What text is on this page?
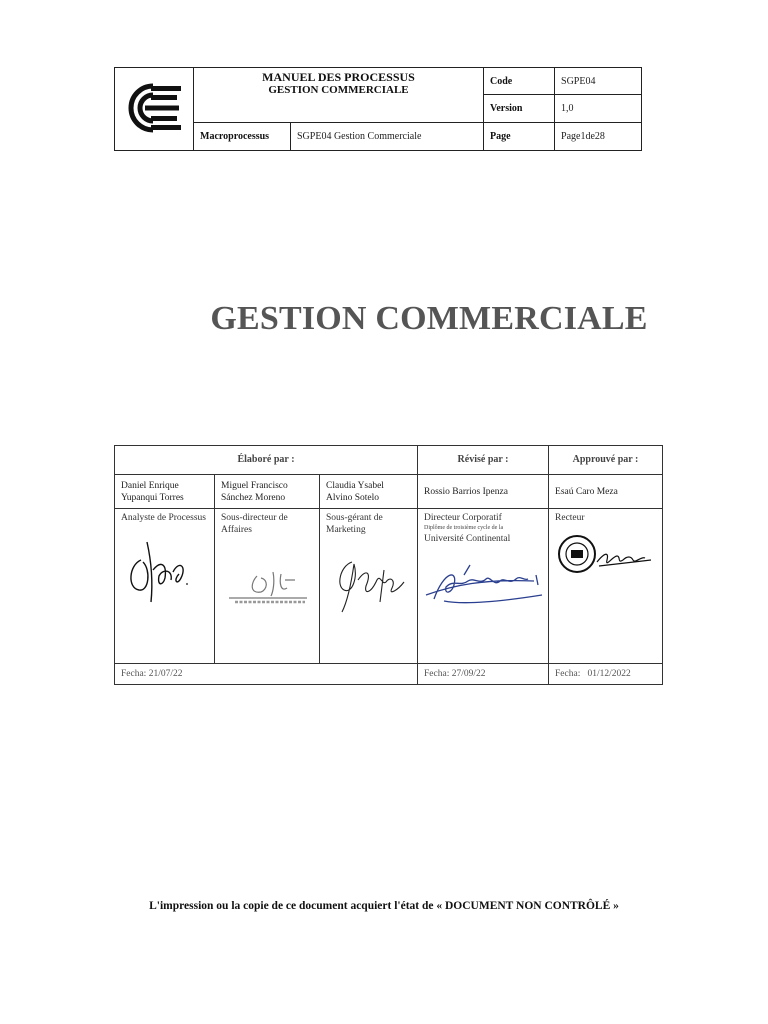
MANUEL DES PROCESSUS
GESTION COMMERCIALE		Code	SGPE04
			Version	1,0
	Macroprocessus	SGPE04 Gestion Commerciale	Page	Page1de28
GESTION COMMERCIALE
Élaboré par :			Révisé par :	Approuvé par :
Daniel Enrique Yupanqui Torres	Miguel Francisco Sánchez Moreno	Claudia Ysabel Alvino Sotelo	Rossio Barrios Ipenza	Esaú Caro Meza

Analyste de Processus	Sous-directeur de Affaires	Sous-gérant de Marketing	Directeur Corporatif
Diplôme de troisième cycle de la
Université Continental	Recteur

Fecha: 21/07/22			Fecha: 27/09/22	Fecha: 01/12/2022
L'impression ou la copie de ce document acquiert l'état de « DOCUMENT NON CONTRÔLÉ »
